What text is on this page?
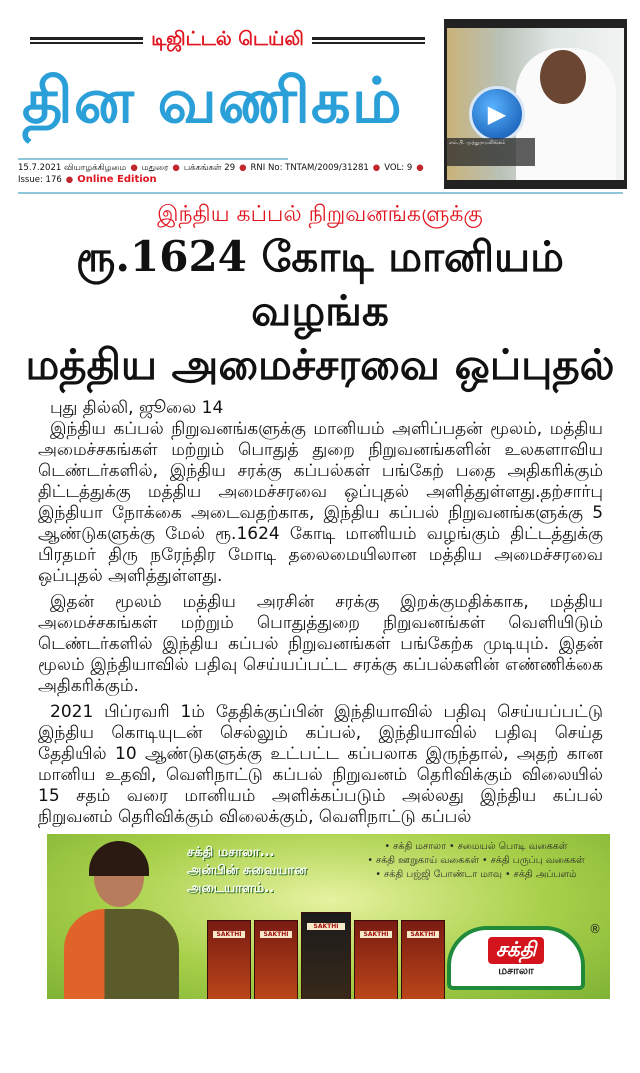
டிஜிட்டல் டெய்லி
தின வணிகம்
15.7.2021 வியாழக்கிழமை ● மதுரை ● பக்கங்கள் 29 ● RNI No: TNTAM/2009/31281 ● VOL: 9 ●
Issue: 176 ● Online Edition
▶
எம்.பி. முத்துராமலிங்கம்
இந்திய கப்பல் நிறுவனங்களுக்கு
ரூ.1624 கோடி மானியம் வழங்க
மத்திய அமைச்சரவை ஒப்புதல்
புது தில்லி, ஜூலை 14
இந்திய கப்பல் நிறுவனங்களுக்கு மானியம் அளிப்பதன் மூலம், மத்திய அமைச்சகங்கள் மற்றும் பொதுத் துறை நிறுவனங்களின் உலகளாவிய டெண்டர்களில், இந்திய சரக்கு கப்பல்கள் பங்கேற் பதை அதிகரிக்கும் திட்டத்துக்கு மத்திய அமைச்சரவை ஒப்புதல் அளித்துள்ளது.தற்சார்பு இந்தியா நோக்கை அடைவதற்காக, இந்திய கப்பல் நிறுவனங்களுக்கு 5 ஆண்டுகளுக்கு மேல் ரூ.1624 கோடி மானியம் வழங்கும் திட்டத்துக்கு பிரதமர் திரு நரேந்திர மோடி தலைமையிலான மத்திய அமைச்சரவை ஒப்புதல் அளித்துள்ளது.
இதன் மூலம் மத்திய அரசின் சரக்கு இறக்குமதிக்காக, மத்திய அமைச்சகங்கள் மற்றும் பொதுத்துறை நிறுவனங்கள் வெளியிடும் டெண்டர்களில் இந்திய கப்பல் நிறுவனங்கள் பங்கேற்க முடியும். இதன் மூலம் இந்தியாவில் பதிவு செய்யப்பட்ட சரக்கு கப்பல்களின் எண்ணிக்கை அதிகரிக்கும்.
2021 பிப்ரவரி 1ம் தேதிக்குப்பின் இந்தியாவில் பதிவு செய்யப்பட்டு இந்திய கொடியுடன் செல்லும் கப்பல், இந்தியாவில் பதிவு செய்த தேதியில் 10 ஆண்டுகளுக்கு உட்பட்ட கப்பலாக இருந்தால், அதற் கான மானிய உதவி, வெளிநாட்டு கப்பல் நிறுவனம் தெரிவிக்கும் விலையில் 15 சதம் வரை மானியம் அளிக்கப்படும் அல்லது இந்திய கப்பல் நிறுவனம் தெரிவிக்கும் விலைக்கும், வெளிநாட்டு கப்பல்
சக்தி மசாலா...
அன்பின் சுவையான
அடையாளம்..
• சக்தி மசாலா • சமையல் பொடி வகைகள்
• சக்தி ஊறுகாய் வகைகள் • சக்தி பருப்பு வகைகள்
• சக்தி பஜ்ஜி போண்டா மாவு • சக்தி அப்பளம்
SAKTHI	SAKTHI
SAKTHI
SAKTHI	SAKTHI
சக்தி
மசாலா
®
